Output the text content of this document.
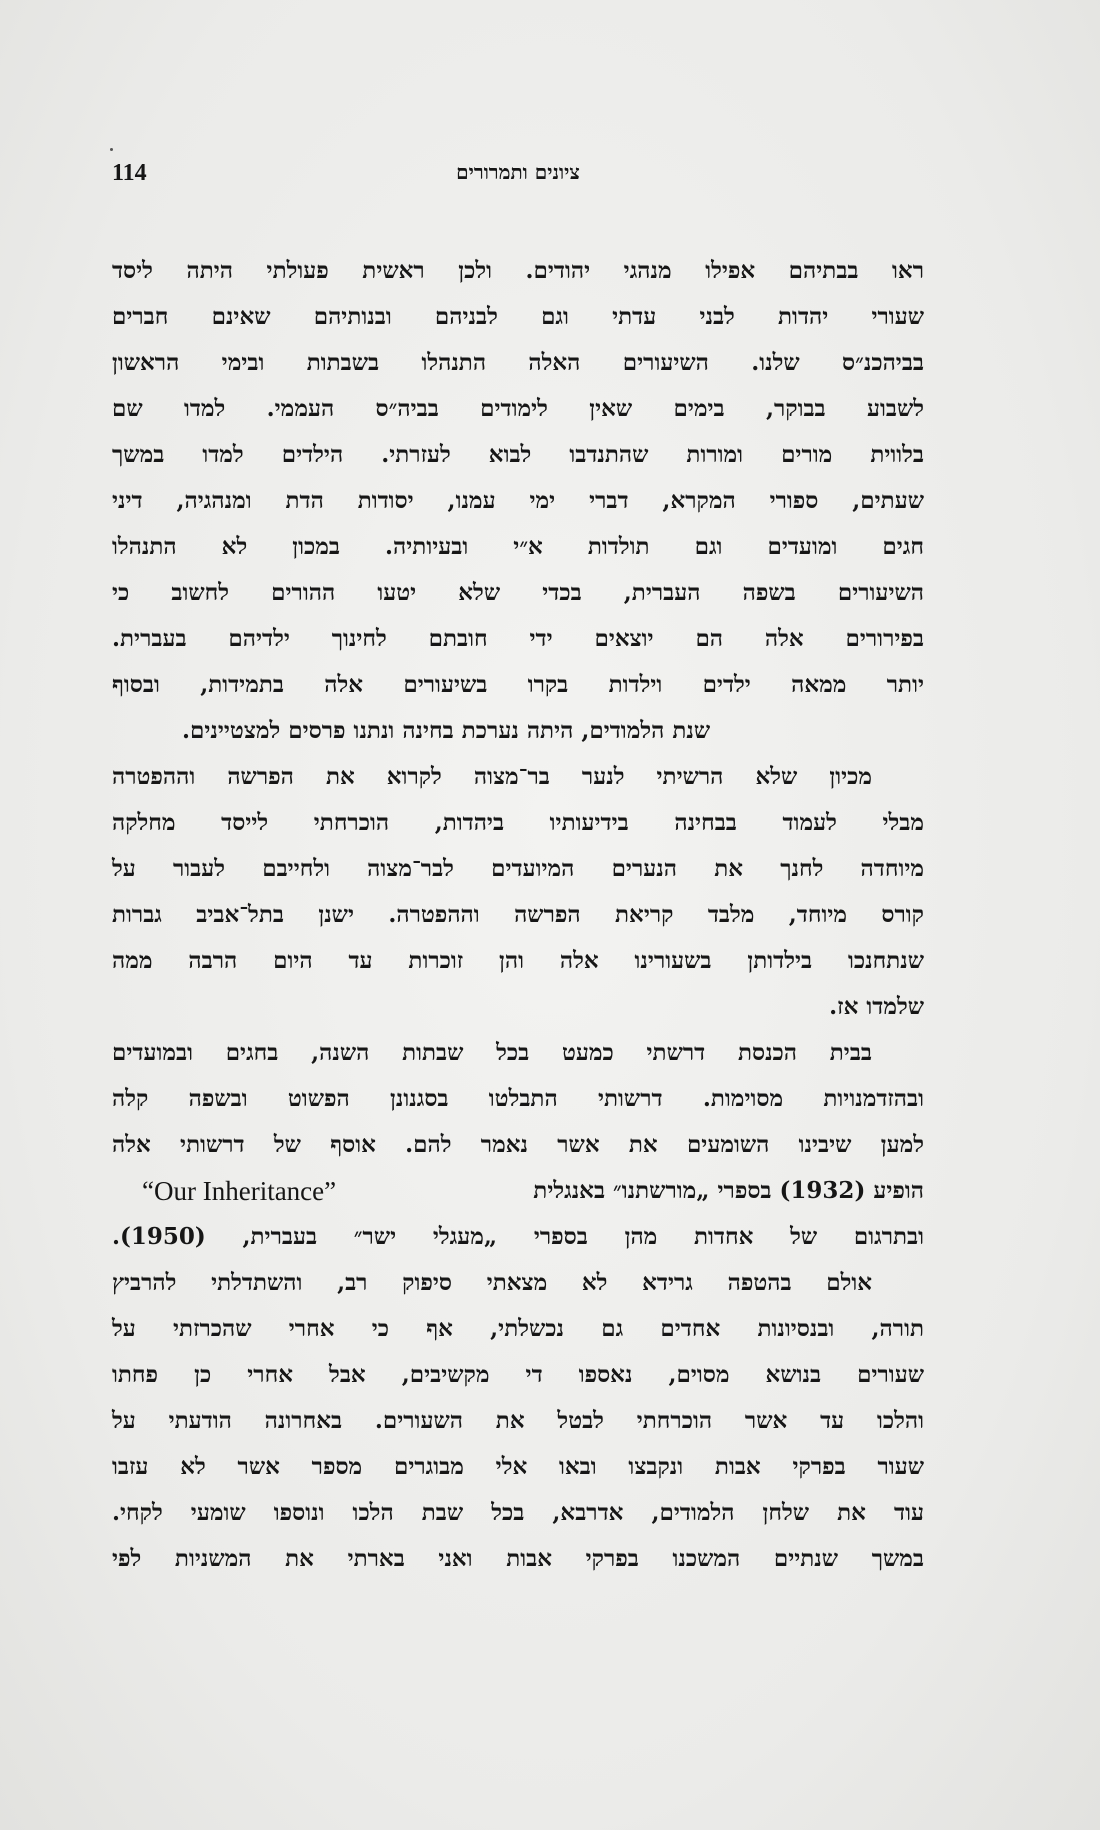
114	ציונים ותמרורים
ראו בבתיהם אפילו מנהגי יהודים. ולכן ראשית פעולתי היתה ליסד
שעורי יהדות לבני עדתי וגם לבניהם ובנותיהם שאינם חברים
בביהכנ״ס שלנו. השיעורים האלה התנהלו בשבתות ובימי הראשון
לשבוע בבוקר, בימים שאין לימודים בביה״ס העממי. למדו שם
בלווית מורים ומורות שהתנדבו לבוא לעזרתי. הילדים למדו במשך
שעתים, ספורי המקרא, דברי ימי עמנו, יסודות הדת ומנהגיה, דיני
חגים ומועדים וגם תולדות א״י ובעיותיה. במכון לא התנהלו
השיעורים בשפה העברית, בכדי שלא יטעו ההורים לחשוב כי
בפירורים אלה הם יוצאים ידי חובתם לחינוך ילדיהם בעברית.
יותר ממאה ילדים וילדות בקרו בשיעורים אלה בתמידות, ובסוף
שנת הלמודים, היתה נערכת בחינה ונתנו פרסים למצטיינים.
מכיון שלא הרשיתי לנער בר־מצוה לקרוא את הפרשה וההפטרה
מבלי לעמוד בבחינה בידיעותיו ביהדות, הוכרחתי לייסד מחלקה
מיוחדה לחנך את הנערים המיועדים לבר־מצוה ולחייבם לעבור על
קורס מיוחד, מלבד קריאת הפרשה וההפטרה. ישנן בתל־אביב גברות
שנתחנכו בילדותן בשעורינו אלה והן זוכרות עד היום הרבה ממה
שלמדו אז.
בבית הכנסת דרשתי כמעט בכל שבתות השנה, בחגים ובמועדים
ובהזדמנויות מסוימות. דרשותי התבלטו בסגנונן הפשוט ובשפה קלה
למען שיבינו השומעים את אשר נאמר להם. אוסף של דרשותי אלה
הופיע (1932) בספרי „מורשתנו״ באנגלית
“Our Inheritance”
ובתרגום של אחדות מהן בספרי „מעגלי ישר״ בעברית, (1950).
אולם בהטפה גרידא לא מצאתי סיפוק רב, והשתדלתי להרביץ
תורה, ובנסיונות אחדים גם נכשלתי, אף כי אחרי שהכרזתי על
שעורים בנושא מסוים, נאספו די מקשיבים, אבל אחרי כן פחתו
והלכו עד אשר הוכרחתי לבטל את השעורים. באחרונה הודעתי על
שעור בפרקי אבות ונקבצו ובאו אלי מבוגרים מספר אשר לא עזבו
עוד את שלחן הלמודים, אדרבא, בכל שבת הלכו ונוספו שומעי לקחי.
במשך שנתיים המשכנו בפרקי אבות ואני בארתי את המשניות לפי
